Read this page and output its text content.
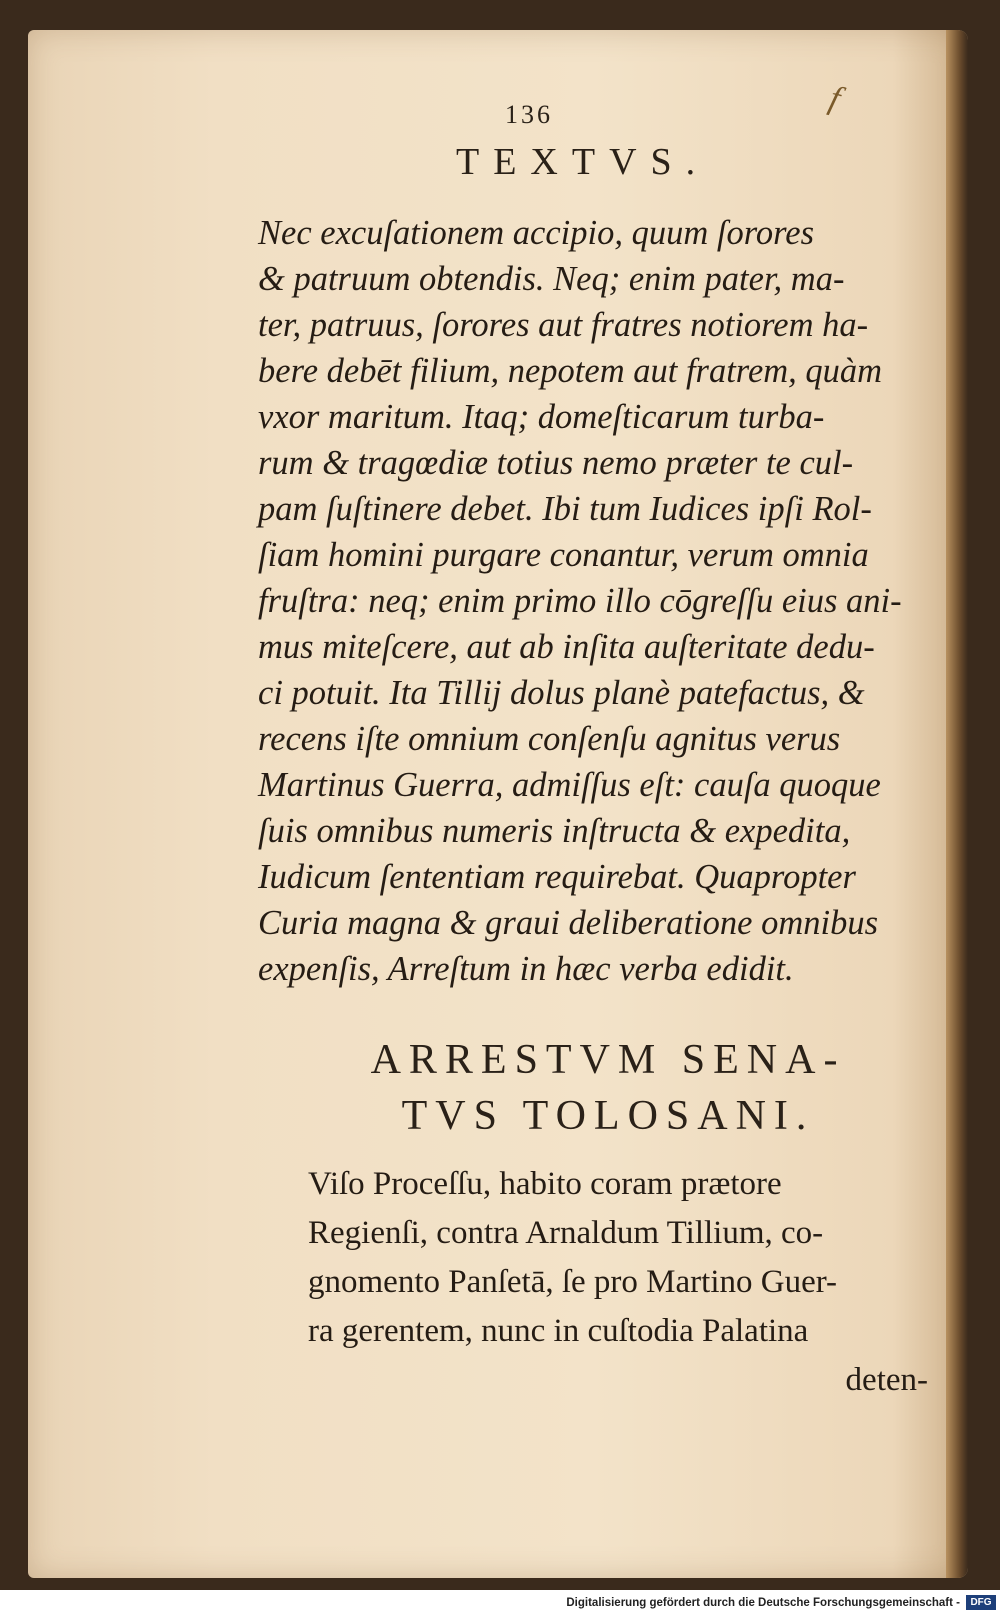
136	f
TEXTVS.
Nec excuſationem accipio, quum ſorores
& patruum obtendis. Neq; enim pater, ma-
ter, patruus, ſorores aut fratres notiorem ha-
bere debēt filium, nepotem aut fratrem, quàm
vxor maritum. Itaq; domeſticarum turba-
rum & tragœdiæ totius nemo præter te cul-
pam ſuſtinere debet. Ibi tum Iudices ipſi Rol-
ſiam homini purgare conantur, verum omnia
fruſtra: neq; enim primo illo cōgreſſu eius ani-
mus miteſcere, aut ab inſita auſteritate dedu-
ci potuit. Ita Tillij dolus planè patefactus, &
recens iſte omnium conſenſu agnitus verus
Martinus Guerra, admiſſus eſt: cauſa quoque
ſuis omnibus numeris inſtructa & expedita,
Iudicum ſententiam requirebat. Quapropter
Curia magna & graui deliberatione omnibus
expenſis, Arreſtum in hæc verba edidit.
ARRESTVM SENA-
TVS TOLOSANI.
Viſo Proceſſu, habito coram prætore
Regienſi, contra Arnaldum Tillium, co-
gnomento Panſetā, ſe pro Martino Guer-
ra gerentem, nunc in cuſtodia Palatina
deten-
Digitalisierung gefördert durch die Deutsche Forschungsgemeinschaft -	DFG
